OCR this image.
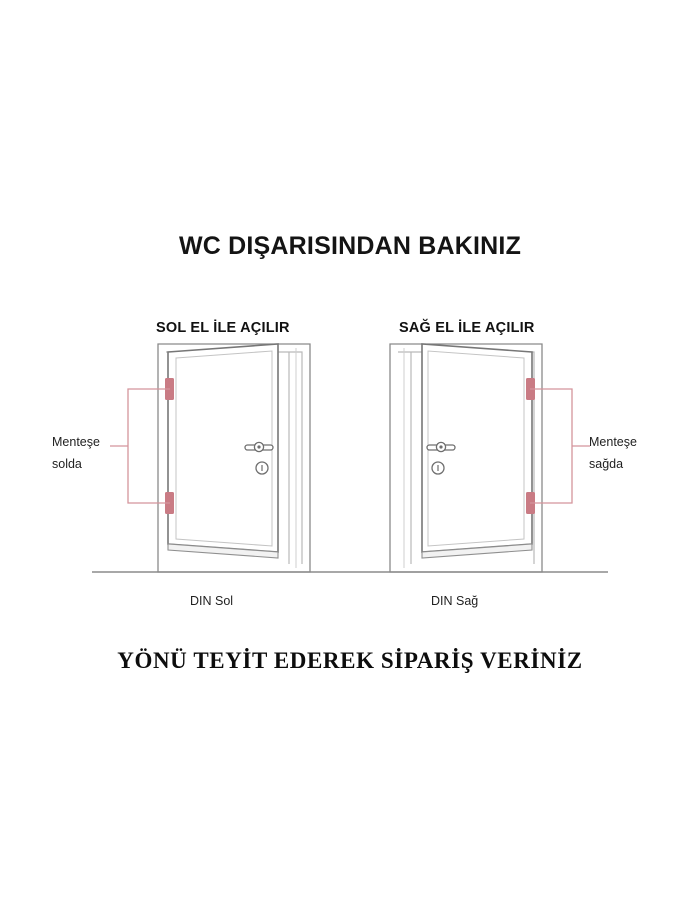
WC DIŞARISINDAN BAKINIZ
SOL EL İLE AÇILIR	SAĞ EL İLE AÇILIR
Menteşe
solda
Menteşe
sağda
DIN Sol	DIN Sağ
YÖNÜ TEYİT EDEREK SİPARİŞ VERİNİZ
